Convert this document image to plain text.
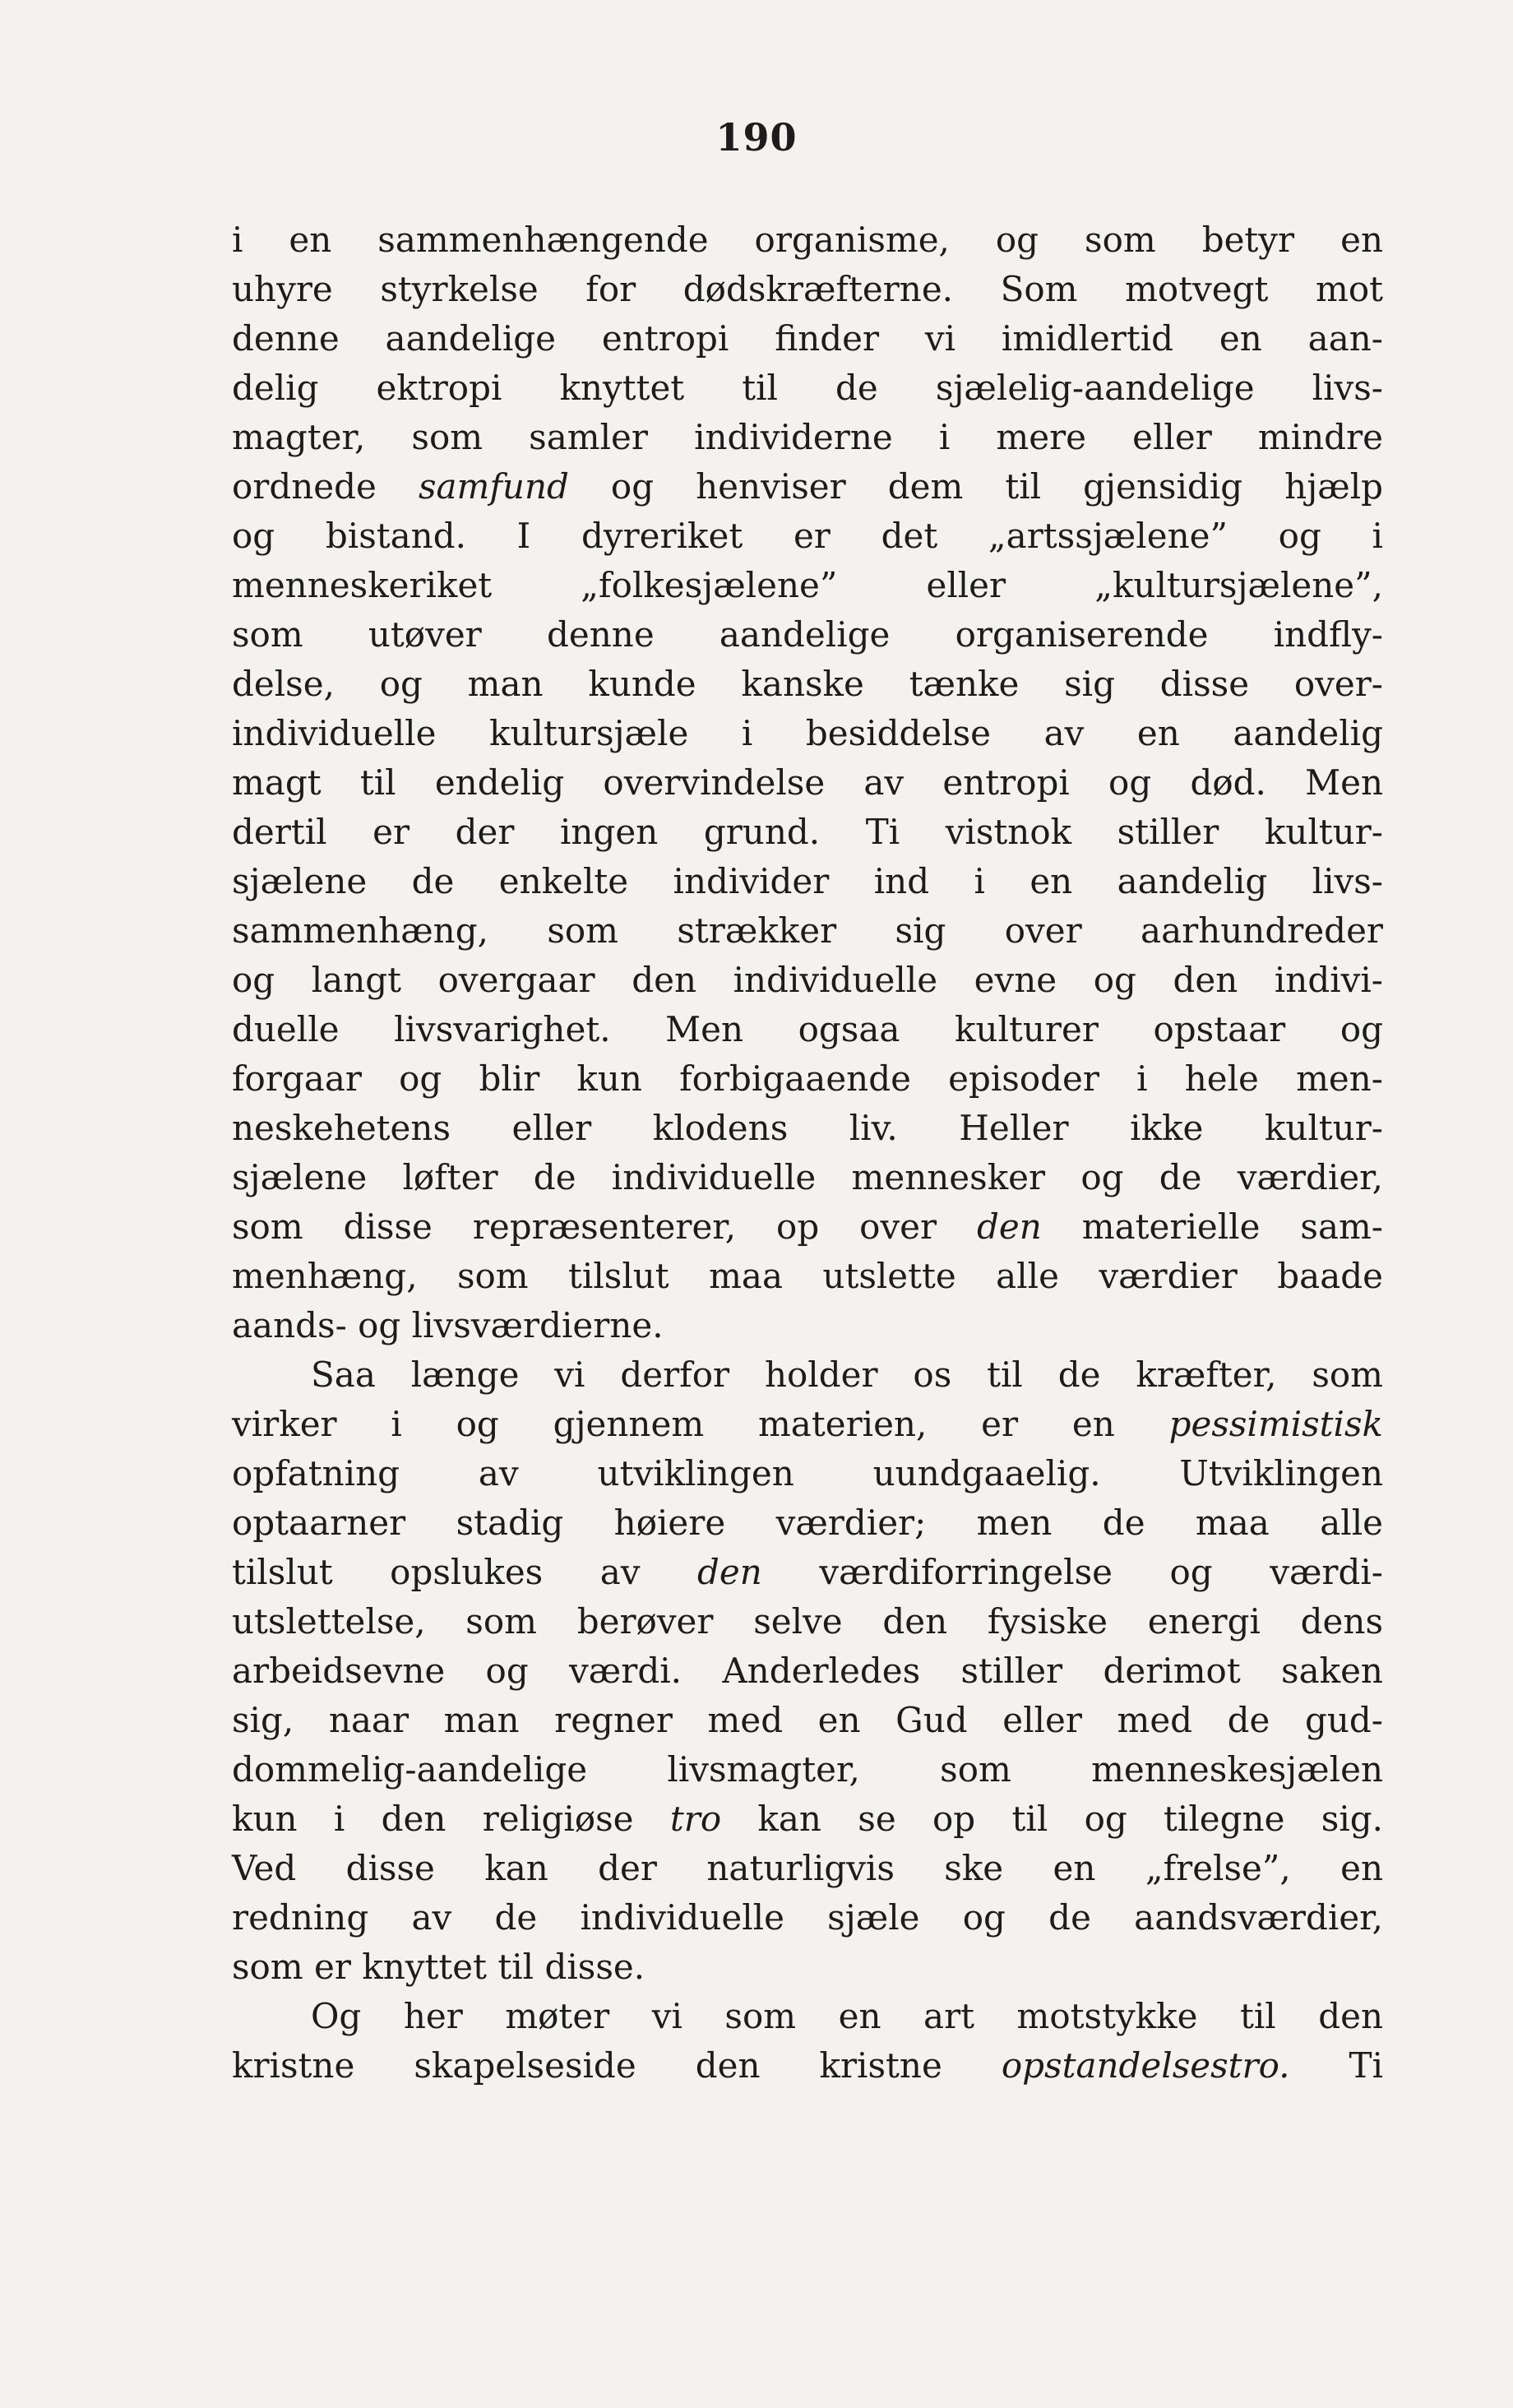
190
i en sammenhængende organisme, og som betyr en
uhyre styrkelse for dødskræfterne. Som motvegt mot
denne aandelige entropi finder vi imidlertid en aan-
delig ektropi knyttet til de sjælelig-aandelige livs-
magter, som samler individerne i mere eller mindre
ordnede samfund og henviser dem til gjensidig hjælp
og bistand. I dyreriket er det „artssjælene” og i
menneskeriket „folkesjælene” eller „kultursjælene”,
som utøver denne aandelige organiserende indfly-
delse, og man kunde kanske tænke sig disse over-
individuelle kultursjæle i besiddelse av en aandelig
magt til endelig overvindelse av entropi og død. Men
dertil er der ingen grund. Ti vistnok stiller kultur-
sjælene de enkelte individer ind i en aandelig livs-
sammenhæng, som strækker sig over aarhundreder
og langt overgaar den individuelle evne og den indivi-
duelle livsvarighet. Men ogsaa kulturer opstaar og
forgaar og blir kun forbigaaende episoder i hele men-
neskehetens eller klodens liv. Heller ikke kultur-
sjælene løfter de individuelle mennesker og de værdier,
som disse repræsenterer, op over den materielle sam-
menhæng, som tilslut maa utslette alle værdier baade
aands- og livsværdierne.
Saa længe vi derfor holder os til de kræfter, som
virker i og gjennem materien, er en pessimistisk
opfatning av utviklingen uundgaaelig. Utviklingen
optaarner stadig høiere værdier; men de maa alle
tilslut opslukes av den værdiforringelse og værdi-
utslettelse, som berøver selve den fysiske energi dens
arbeidsevne og værdi. Anderledes stiller derimot saken
sig, naar man regner med en Gud eller med de gud-
dommelig-aandelige livsmagter, som menneskesjælen
kun i den religiøse tro kan se op til og tilegne sig.
Ved disse kan der naturligvis ske en „frelse”, en
redning av de individuelle sjæle og de aandsværdier,
som er knyttet til disse.
Og her møter vi som en art motstykke til den
kristne skapelseside den kristne opstandelsestro. Ti
